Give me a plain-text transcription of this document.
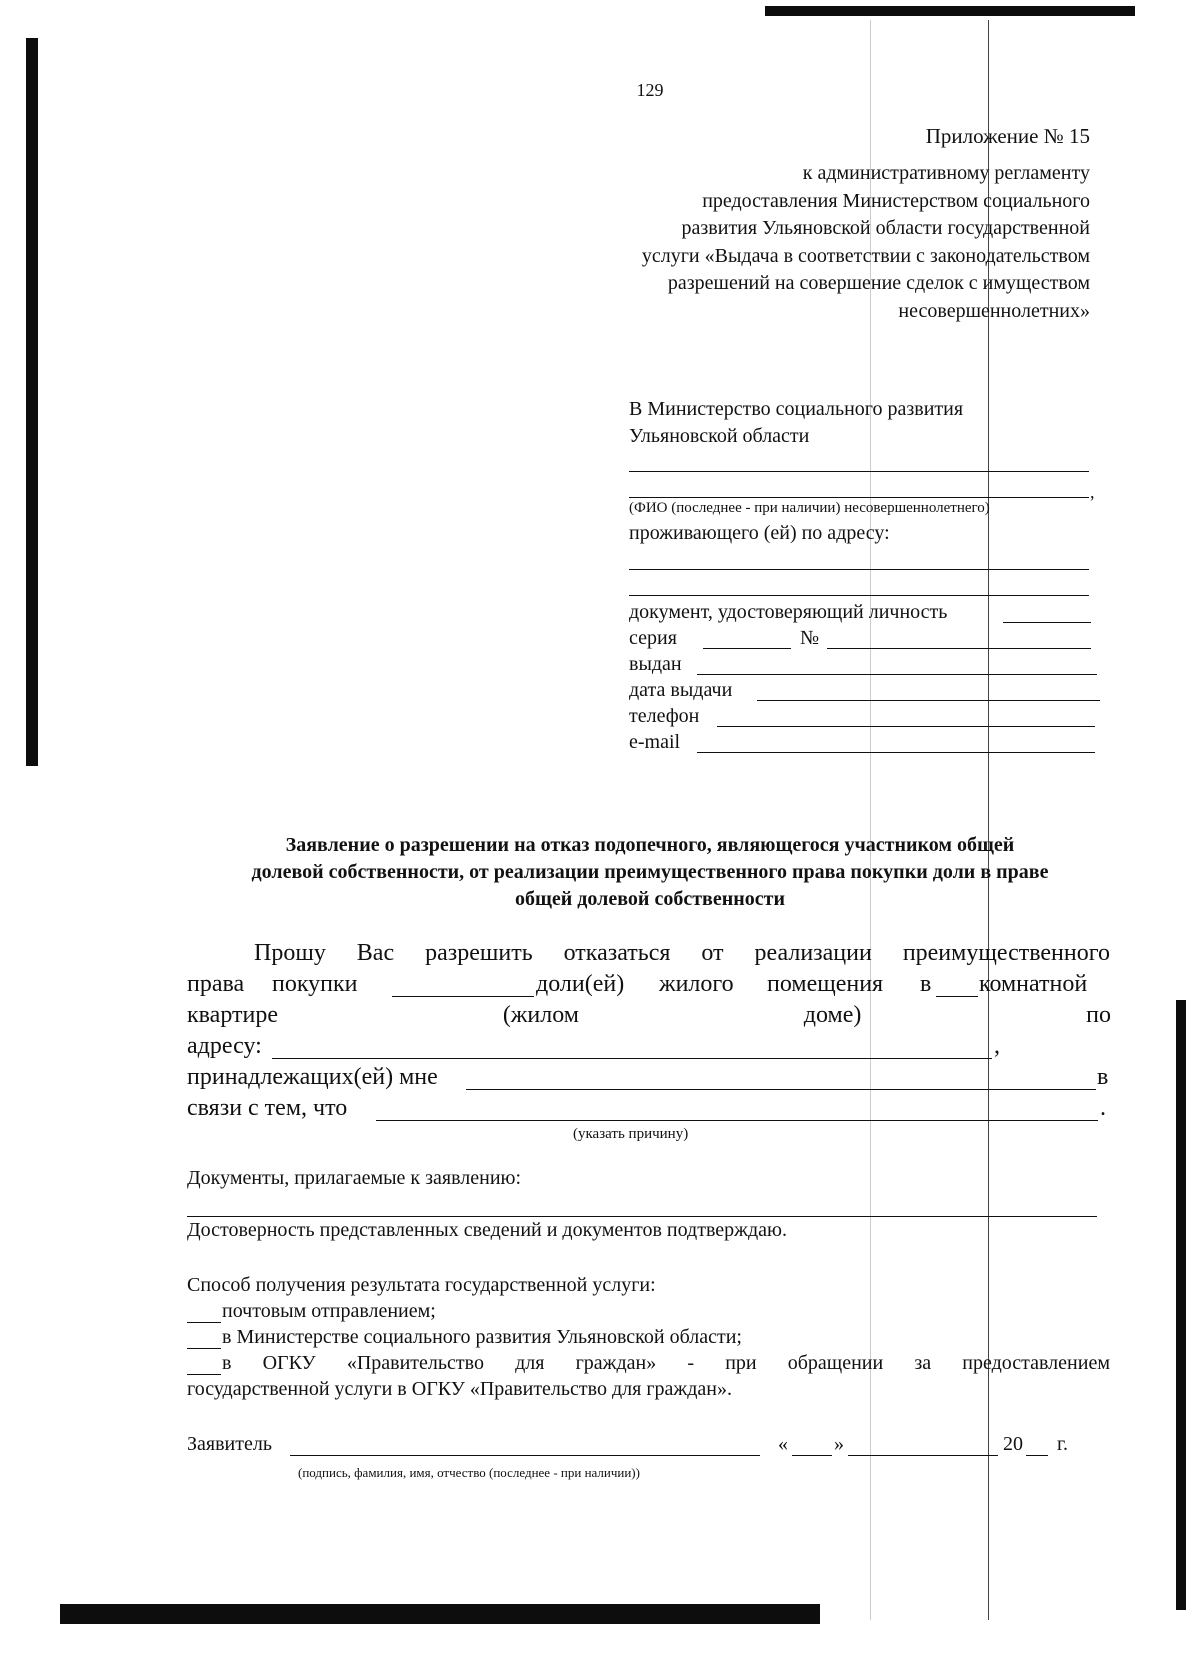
129
Приложение № 15
к административному регламенту
предоставления Министерством социального
развития Ульяновской области государственной
услуги «Выдача в соответствии с законодательством
разрешений на совершение сделок с имуществом
несовершеннолетних»
В Министерство социального развития
Ульяновской области
,
(ФИО (последнее - при наличии) несовершеннолетнего)
проживающего (ей) по адресу:
документ, удостоверяющий личность
серия	№
выдан
дата выдачи
телефон
e-mail
Заявление о разрешении на отказ подопечного, являющегося участником общей
долевой собственности, от реализации преимущественного права покупки доли в праве
общей долевой собственности
Прошу Вас разрешить отказаться от реализации преимущественного
права покупки	доли(ей) жилого помещения в комнатной
квартире	(жилом	доме)	по
адресу:	,
принадлежащих(ей) мне	в
связи с тем, что	.
(указать причину)
Документы, прилагаемые к заявлению:
Достоверность представленных сведений и документов подтверждаю.
Способ получения результата государственной услуги:
почтовым отправлением;
в Министерстве социального развития Ульяновской области;
в ОГКУ «Правительство для граждан» - при обращении за предоставлением
государственной услуги в ОГКУ «Правительство для граждан».
Заявитель	« »	20 г.
(подпись, фамилия, имя, отчество (последнее - при наличии))
